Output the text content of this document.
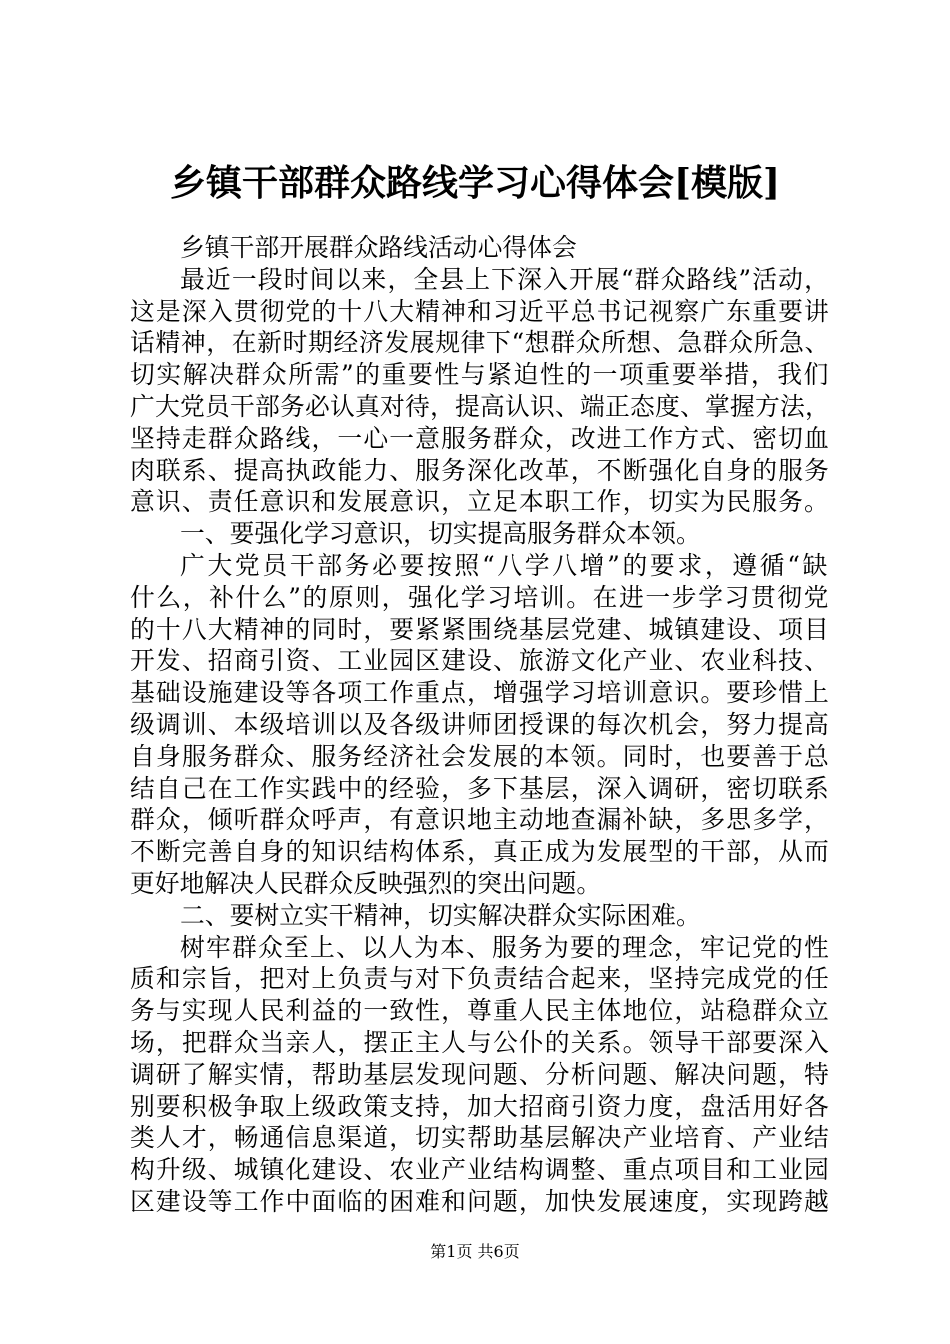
乡镇干部群众路线学习心得体会[模版]
乡镇干部开展群众路线活动心得体会
最近一段时间以来，全县上下深入开展“群众路线”活动，
这是深入贯彻党的十八大精神和习近平总书记视察广东重要讲
话精神，在新时期经济发展规律下“想群众所想、急群众所急、
切实解决群众所需”的重要性与紧迫性的一项重要举措，我们
广大党员干部务必认真对待，提高认识、端正态度、掌握方法，
坚持走群众路线，一心一意服务群众，改进工作方式、密切血
肉联系、提高执政能力、服务深化改革，不断强化自身的服务
意识、责任意识和发展意识，立足本职工作，切实为民服务。
一、要强化学习意识，切实提高服务群众本领。
广大党员干部务必要按照“八学八增”的要求，遵循“缺
什么，补什么”的原则，强化学习培训。在进一步学习贯彻党
的十八大精神的同时，要紧紧围绕基层党建、城镇建设、项目
开发、招商引资、工业园区建设、旅游文化产业、农业科技、
基础设施建设等各项工作重点，增强学习培训意识。要珍惜上
级调训、本级培训以及各级讲师团授课的每次机会，努力提高
自身服务群众、服务经济社会发展的本领。同时，也要善于总
结自己在工作实践中的经验，多下基层，深入调研，密切联系
群众，倾听群众呼声，有意识地主动地查漏补缺，多思多学，
不断完善自身的知识结构体系，真正成为发展型的干部，从而
更好地解决人民群众反映强烈的突出问题。
二、要树立实干精神，切实解决群众实际困难。
树牢群众至上、以人为本、服务为要的理念，牢记党的性
质和宗旨，把对上负责与对下负责结合起来，坚持完成党的任
务与实现人民利益的一致性，尊重人民主体地位，站稳群众立
场，把群众当亲人，摆正主人与公仆的关系。领导干部要深入
调研了解实情，帮助基层发现问题、分析问题、解决问题，特
别要积极争取上级政策支持，加大招商引资力度，盘活用好各
类人才，畅通信息渠道，切实帮助基层解决产业培育、产业结
构升级、城镇化建设、农业产业结构调整、重点项目和工业园
区建设等工作中面临的困难和问题，加快发展速度，实现跨越
第1页 共6页
